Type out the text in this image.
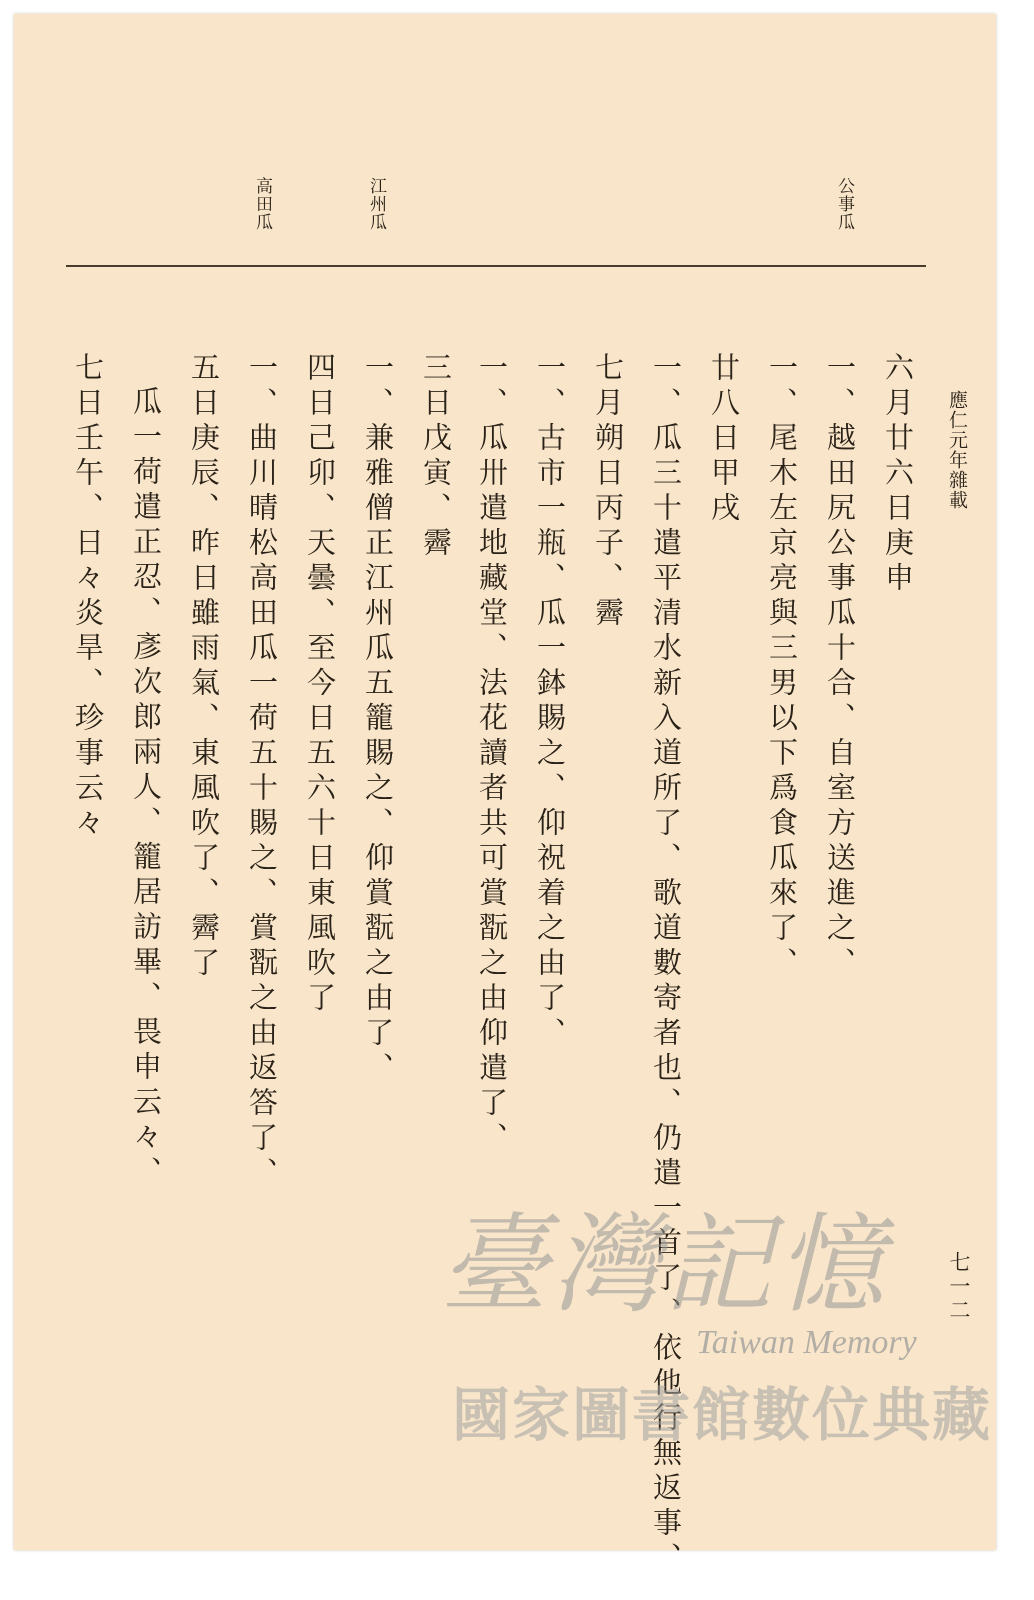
應仁元年雜載
七一二
公事瓜
江州瓜
高田瓜
六月廿六日庚申
一、越田尻公事瓜十合、自室方送進之、
一、尾木左京亮與三男以下爲食瓜來了、
廿八日甲戌
一、瓜三十遣平清水新入道所了、歌道數寄者也、仍遣一首了、依他行無返事、
七月朔日丙子、霽
一、古市一瓶、瓜一鉢賜之、仰祝着之由了、
一、瓜卅遣地藏堂、法花讀者共可賞翫之由仰遣了、
三日戊寅、霽
一、兼雅僧正江州瓜五籠賜之、仰賞翫之由了、
四日己卯、天曇、至今日五六十日東風吹了
一、曲川晴松高田瓜一荷五十賜之、賞翫之由返答了、
五日庚辰、昨日雖雨氣、東風吹了、霽了
瓜一荷遣正忍、彥次郎兩人、籠居訪畢、畏申云々、
七日壬午、日々炎旱、珍事云々
臺灣記憶
Taiwan Memory
國家圖書館數位典藏
